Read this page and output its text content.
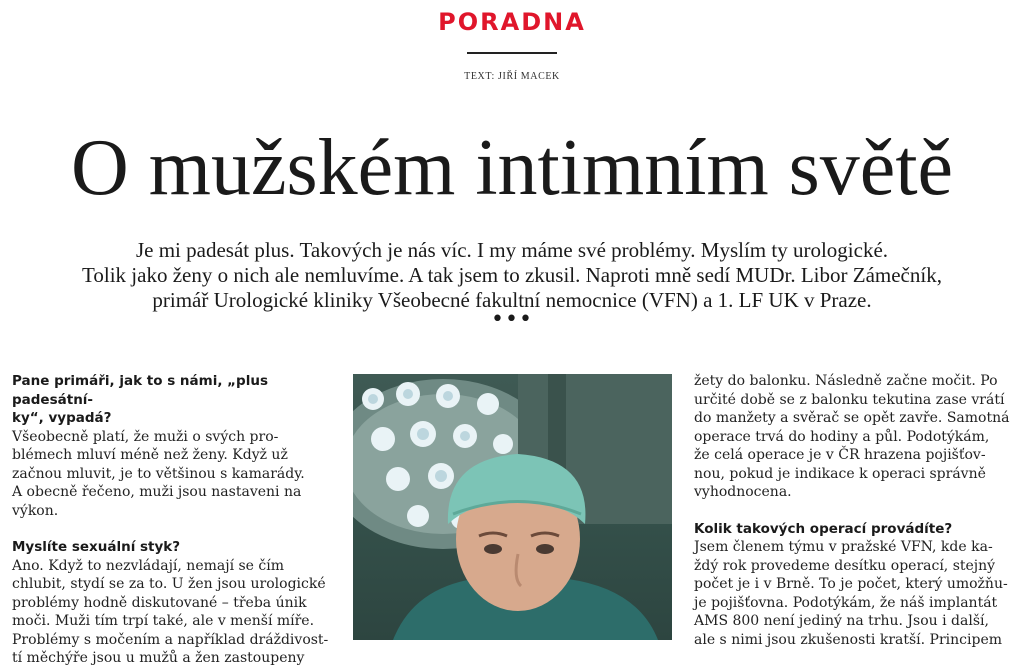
PORADNA
TEXT: JIŘÍ MACEK
O mužském intimním světě

Je mi padesát plus. Takových je nás víc. I my máme své problémy. Myslím ty urologické.

Tolik jako ženy o nich ale nemluvíme. A tak jsem to zkusil. Naproti mně sedí MUDr. Libor Zámečník,

primář Urologické kliniky Všeobecné fakultní nemocnice (VFN) a 1. LF UK v Praze.

•••

Pane primáři, jak to s námi, „plus padesátní-

ky“, vypadá?

Všeobecně platí, že muži o svých pro-

blémech mluví méně než ženy. Když už

začnou mluvit, je to většinou s kamarády.

A obecně řečeno, muži jsou nastaveni na

výkon.

Myslíte sexuální styk?

Ano. Když to nezvládají, nemají se čím

chlubit, stydí se za to. U žen jsou urologické

problémy hodně diskutované – třeba únik

moči. Muži tím trpí také, ale v menší míře.

Problémy s močením a například dráždivost-

tí měchýře jsou u mužů a žen zastoupeny

žety do balonku. Následně začne močit. Po

určité době se z balonku tekutina zase vrátí

do manžety a svěrač se opět zavře. Samotná

operace trvá do hodiny a půl. Podotýkám,

že celá operace je v ČR hrazena pojišťov-

nou, pokud je indikace k operaci správně

vyhodnocena.

Kolik takových operací provádíte?

Jsem členem týmu v pražské VFN, kde ka-

ždý rok provedeme desítku operací, stejný

počet je i v Brně. To je počet, který umožňu-

je pojišťovna. Podotýkám, že náš implantát

AMS 800 není jediný na trhu. Jsou i další,

ale s nimi jsou zkušenosti kratší. Principem
